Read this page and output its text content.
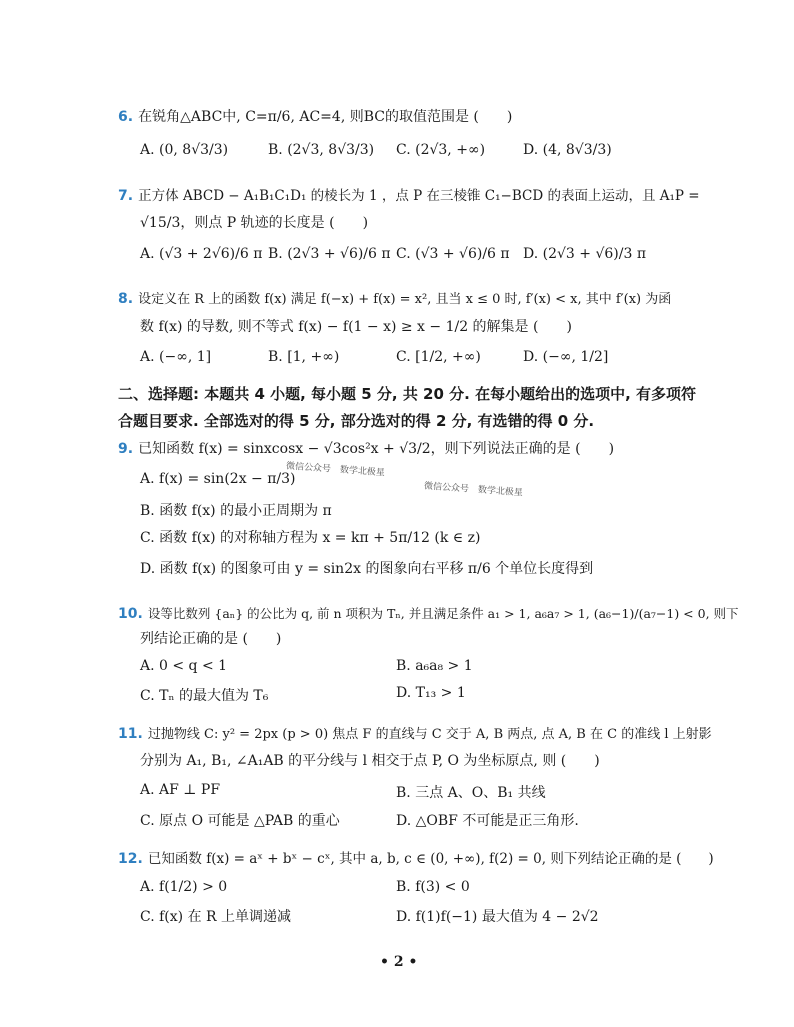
6. 在锐角△ABC中, C=π/6, AC=4, 则BC的取值范围是 (　　)
A. (0, 8√3/3)	B. (2√3, 8√3/3) C. (2√3, +∞)	D. (4, 8√3/3)
7. 正方体 ABCD − A₁B₁C₁D₁ 的棱长为 1 ，点 P 在三棱锥 C₁−BCD 的表面上运动，且 A₁P =
√15/3，则点 P 轨迹的长度是 (　　)
A. (√3 + 2√6)/6 π B. (2√3 + √6)/6 π C. (√3 + √6)/6 π D. (2√3 + √6)/3 π
8. 设定义在 R 上的函数 f(x) 满足 f(−x) + f(x) = x², 且当 x ≤ 0 时, f′(x) < x, 其中 f′(x) 为函
数 f(x) 的导数, 则不等式 f(x) − f(1 − x) ≥ x − 1/2 的解集是 (　　)
A. (−∞, 1]	B. [1, +∞)	C. [1/2, +∞)	D. (−∞, 1/2]
二、选择题: 本题共 4 小题, 每小题 5 分, 共 20 分. 在每小题给出的选项中, 有多项符
合题目要求. 全部选对的得 5 分, 部分选对的得 2 分, 有选错的得 0 分.
9. 已知函数 f(x) = sinxcosx − √3cos²x + √3/2，则下列说法正确的是 (　　)
A. f(x) = sin(2x − π/3)
微信公众号　数学北极星
微信公众号　数学北极星
B. 函数 f(x) 的最小正周期为 π
C. 函数 f(x) 的对称轴方程为 x = kπ + 5π/12 (k ∈ z)
D. 函数 f(x) 的图象可由 y = sin2x 的图象向右平移 π/6 个单位长度得到
10. 设等比数列 {aₙ} 的公比为 q, 前 n 项积为 Tₙ, 并且满足条件 a₁ > 1, a₆a₇ > 1, (a₆−1)/(a₇−1) < 0, 则下
列结论正确的是 (　　)
A. 0 < q < 1	B. a₆a₈ > 1
C. Tₙ 的最大值为 T₆	D. T₁₃ > 1
11. 过抛物线 C: y² = 2px (p > 0) 焦点 F 的直线与 C 交于 A, B 两点, 点 A, B 在 C 的准线 l 上射影
分别为 A₁, B₁, ∠A₁AB 的平分线与 l 相交于点 P, O 为坐标原点, 则 (　　)
A. AF ⊥ PF	B. 三点 A、O、B₁ 共线
C. 原点 O 可能是 △PAB 的重心	D. △OBF 不可能是正三角形.
12. 已知函数 f(x) = aˣ + bˣ − cˣ, 其中 a, b, c ∈ (0, +∞), f(2) = 0, 则下列结论正确的是 (　　)
A. f(1/2) > 0	B. f(3) < 0
C. f(x) 在 R 上单调递减	D. f(1)f(−1) 最大值为 4 − 2√2
• 2 •
